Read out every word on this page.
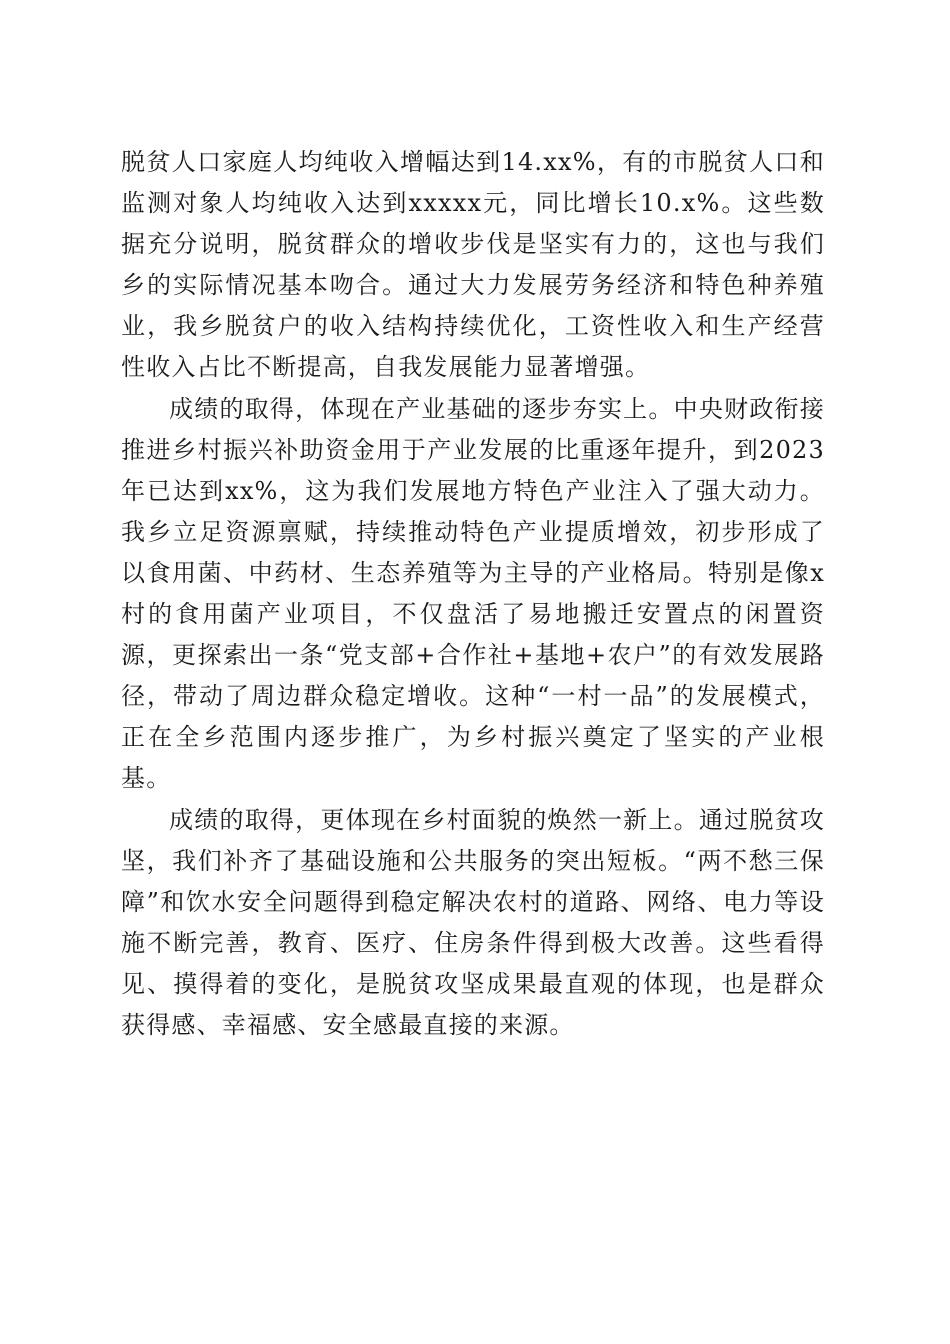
脱贫人口家庭人均纯收入增幅达到14.xx%，有的市脱贫人口和监测对象人均纯收入达到xxxxx元，同比增长10.x%。这些数据充分说明，脱贫群众的增收步伐是坚实有力的，这也与我们乡的实际情况基本吻合。通过大力发展劳务经济和特色种养殖业，我乡脱贫户的收入结构持续优化，工资性收入和生产经营性收入占比不断提高，自我发展能力显著增强。

成绩的取得，体现在产业基础的逐步夯实上。中央财政衔接推进乡村振兴补助资金用于产业发展的比重逐年提升，到2023年已达到xx%，这为我们发展地方特色产业注入了强大动力。我乡立足资源禀赋，持续推动特色产业提质增效，初步形成了以食用菌、中药材、生态养殖等为主导的产业格局。特别是像x村的食用菌产业项目，不仅盘活了易地搬迁安置点的闲置资源，更探索出一条“党支部+合作社+基地+农户”的有效发展路径，带动了周边群众稳定增收。这种“一村一品”的发展模式，正在全乡范围内逐步推广，为乡村振兴奠定了坚实的产业根基。

成绩的取得，更体现在乡村面貌的焕然一新上。通过脱贫攻坚，我们补齐了基础设施和公共服务的突出短板。“两不愁三保障”和饮水安全问题得到稳定解决农村的道路、网络、电力等设施不断完善，教育、医疗、住房条件得到极大改善。这些看得见、摸得着的变化，是脱贫攻坚成果最直观的体现，也是群众获得感、幸福感、安全感最直接的来源。
